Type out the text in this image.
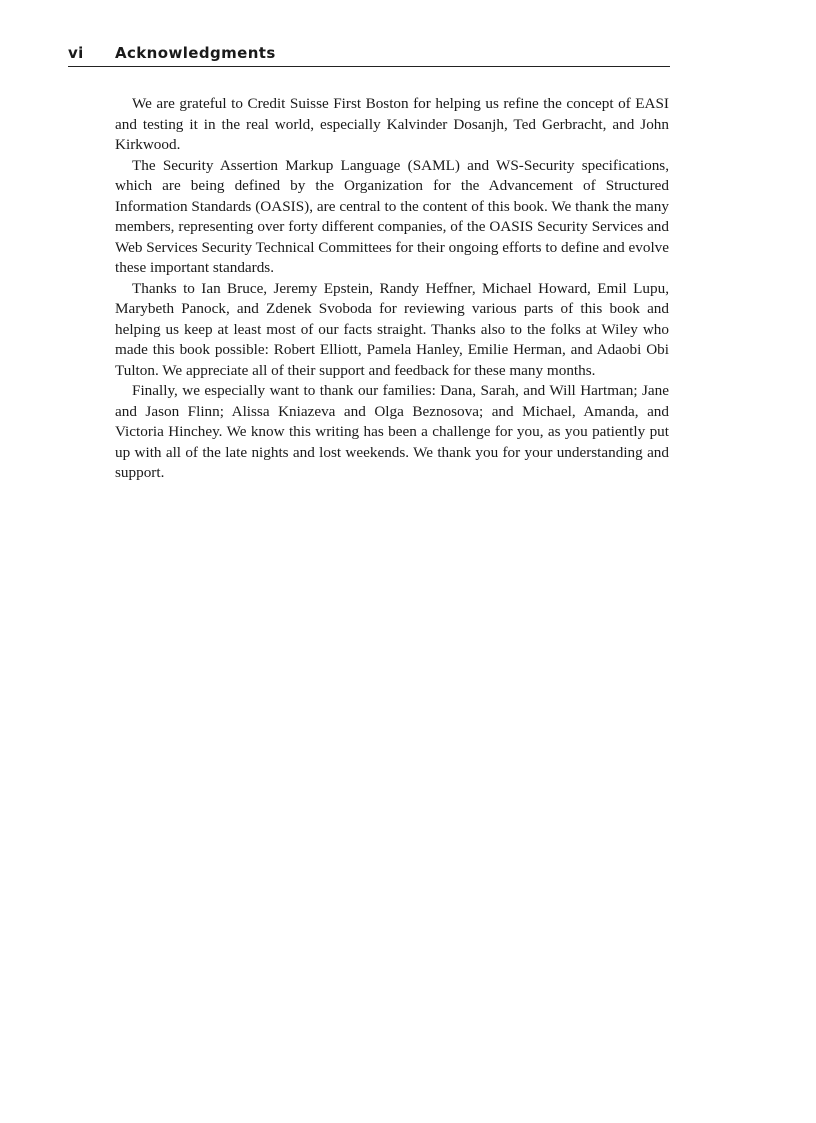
vi Acknowledgments

We are grateful to Credit Suisse First Boston for helping us refine the concept of EASI and testing it in the real world, especially Kalvinder Dosanjh, Ted Gerbracht, and John Kirkwood.

The Security Assertion Markup Language (SAML) and WS-Security specifications, which are being defined by the Organization for the Advancement of Structured Information Standards (OASIS), are central to the content of this book. We thank the many members, representing over forty different companies, of the OASIS Security Services and Web Services Security Technical Committees for their ongoing efforts to define and evolve these important standards.

Thanks to Ian Bruce, Jeremy Epstein, Randy Heffner, Michael Howard, Emil Lupu, Marybeth Panock, and Zdenek Svoboda for reviewing various parts of this book and helping us keep at least most of our facts straight. Thanks also to the folks at Wiley who made this book possible: Robert Elliott, Pamela Hanley, Emilie Herman, and Adaobi Obi Tulton. We appreciate all of their support and feedback for these many months.

Finally, we especially want to thank our families: Dana, Sarah, and Will Hartman; Jane and Jason Flinn; Alissa Kniazeva and Olga Beznosova; and Michael, Amanda, and Victoria Hinchey. We know this writing has been a challenge for you, as you patiently put up with all of the late nights and lost weekends. We thank you for your understanding and support.
